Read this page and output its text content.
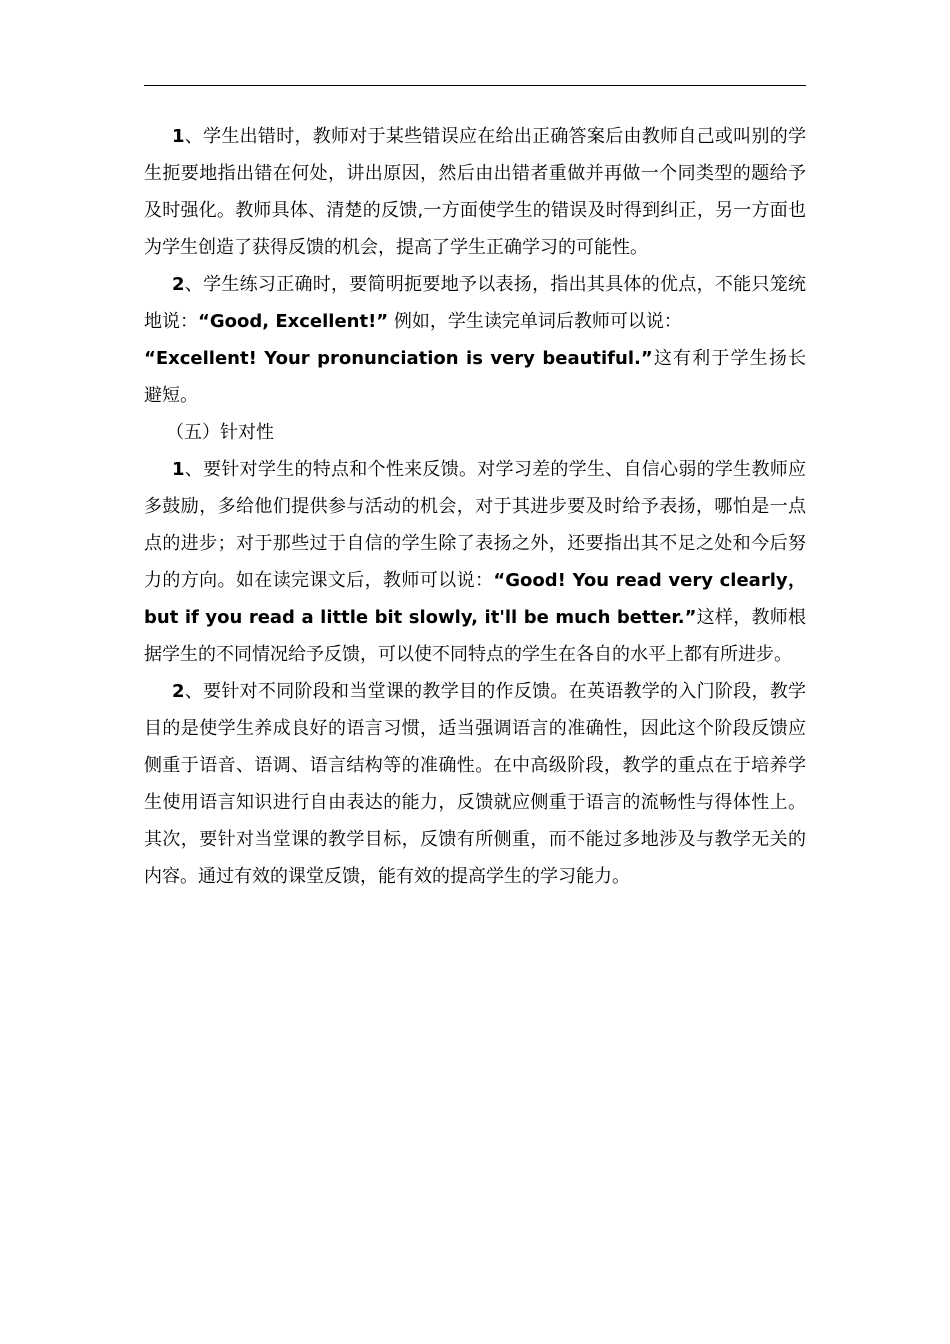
1、学生出错时，教师对于某些错误应在给出正确答案后由教师自己或叫别的学生扼要地指出错在何处，讲出原因，然后由出错者重做并再做一个同类型的题给予及时强化。教师具体、清楚的反馈,一方面使学生的错误及时得到纠正，另一方面也为学生创造了获得反馈的机会，提高了学生正确学习的可能性。

2、学生练习正确时，要简明扼要地予以表扬，指出其具体的优点，不能只笼统地说：“Good, Excellent!” 例如，学生读完单词后教师可以说：

“Excellent! Your pronunciation is very beautiful.”这有利于学生扬长避短。

（五）针对性

1、要针对学生的特点和个性来反馈。对学习差的学生、自信心弱的学生教师应多鼓励，多给他们提供参与活动的机会，对于其进步要及时给予表扬，哪怕是一点点的进步；对于那些过于自信的学生除了表扬之外，还要指出其不足之处和今后努力的方向。如在读完课文后，教师可以说：“Good! You read very clearly，but if you read a little bit slowly, it'll be much better.”这样，教师根据学生的不同情况给予反馈，可以使不同特点的学生在各自的水平上都有所进步。

2、要针对不同阶段和当堂课的教学目的作反馈。在英语教学的入门阶段，教学目的是使学生养成良好的语言习惯，适当强调语言的准确性，因此这个阶段反馈应侧重于语音、语调、语言结构等的准确性。在中高级阶段，教学的重点在于培养学生使用语言知识进行自由表达的能力，反馈就应侧重于语言的流畅性与得体性上。其次，要针对当堂课的教学目标，反馈有所侧重，而不能过多地涉及与教学无关的内容。通过有效的课堂反馈，能有效的提高学生的学习能力。
